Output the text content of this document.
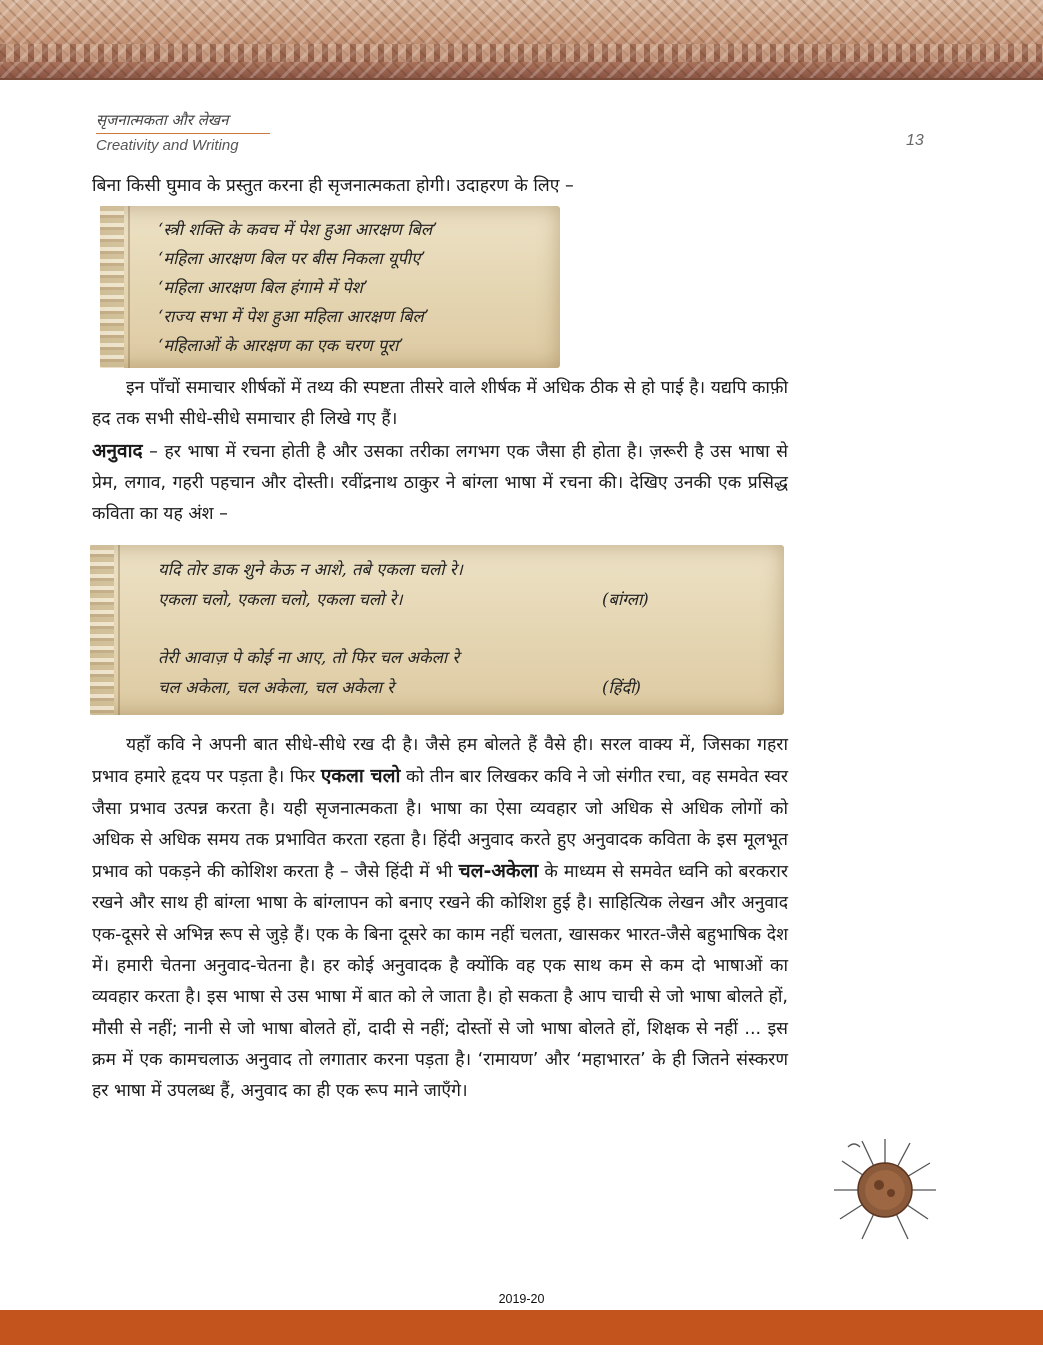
सृजनात्मकता और लेखन
Creativity and Writing	13

बिना किसी घुमाव के प्रस्तुत करना ही सृजनात्मकता होगी। उदाहरण के लिए –

‘स्त्री शक्ति के कवच में पेश हुआ आरक्षण बिल’
‘महिला आरक्षण बिल पर बीस निकला यूपीए’
‘महिला आरक्षण बिल हंगामे में पेश’
‘राज्य सभा में पेश हुआ महिला आरक्षण बिल’
‘महिलाओं के आरक्षण का एक चरण पूरा’

इन पाँचों समाचार शीर्षकों में तथ्य की स्पष्टता तीसरे वाले शीर्षक में अधिक ठीक से हो पाई है। यद्यपि काफ़ी हद तक सभी सीधे-सीधे समाचार ही लिखे गए हैं।

अनुवाद – हर भाषा में रचना होती है और उसका तरीका लगभग एक जैसा ही होता है। ज़रूरी है उस भाषा से प्रेम, लगाव, गहरी पहचान और दोस्ती। रवींद्रनाथ ठाकुर ने बांग्ला भाषा में रचना की। देखिए उनकी एक प्रसिद्ध कविता का यह अंश –

यदि तोर डाक शुने केऊ न आशे, तबे एकला चलो रे।
एकला चलो, एकला चलो, एकला चलो रे।	(बांग्ला)
तेरी आवाज़ पे कोई ना आए, तो फिर चल अकेला रे
चल अकेला, चल अकेला, चल अकेला रे	(हिंदी)

यहाँ कवि ने अपनी बात सीधे-सीधे रख दी है। जैसे हम बोलते हैं वैसे ही। सरल वाक्य में, जिसका गहरा प्रभाव हमारे हृदय पर पड़ता है। फिर एकला चलो को तीन बार लिखकर कवि ने जो संगीत रचा, वह समवेत स्वर जैसा प्रभाव उत्पन्न करता है। यही सृजनात्मकता है। भाषा का ऐसा व्यवहार जो अधिक से अधिक लोगों को अधिक से अधिक समय तक प्रभावित करता रहता है। हिंदी अनुवाद करते हुए अनुवादक कविता के इस मूलभूत प्रभाव को पकड़ने की कोशिश करता है – जैसे हिंदी में भी चल-अकेला के माध्यम से समवेत ध्वनि को बरकरार रखने और साथ ही बांग्ला भाषा के बांग्लापन को बनाए रखने की कोशिश हुई है। साहित्यिक लेखन और अनुवाद एक-दूसरे से अभिन्न रूप से जुड़े हैं। एक के बिना दूसरे का काम नहीं चलता, खासकर भारत-जैसे बहुभाषिक देश में। हमारी चेतना अनुवाद-चेतना है। हर कोई अनुवादक है क्योंकि वह एक साथ कम से कम दो भाषाओं का व्यवहार करता है। इस भाषा से उस भाषा में बात को ले जाता है। हो सकता है आप चाची से जो भाषा बोलते हों, मौसी से नहीं; नानी से जो भाषा बोलते हों, दादी से नहीं; दोस्तों से जो भाषा बोलते हों, शिक्षक से नहीं ... इस क्रम में एक कामचलाऊ अनुवाद तो लगातार करना पड़ता है। ‘रामायण’ और ‘महाभारत’ के ही जितने संस्करण हर भाषा में उपलब्ध हैं, अनुवाद का ही एक रूप माने जाएँगे।

2019-20
